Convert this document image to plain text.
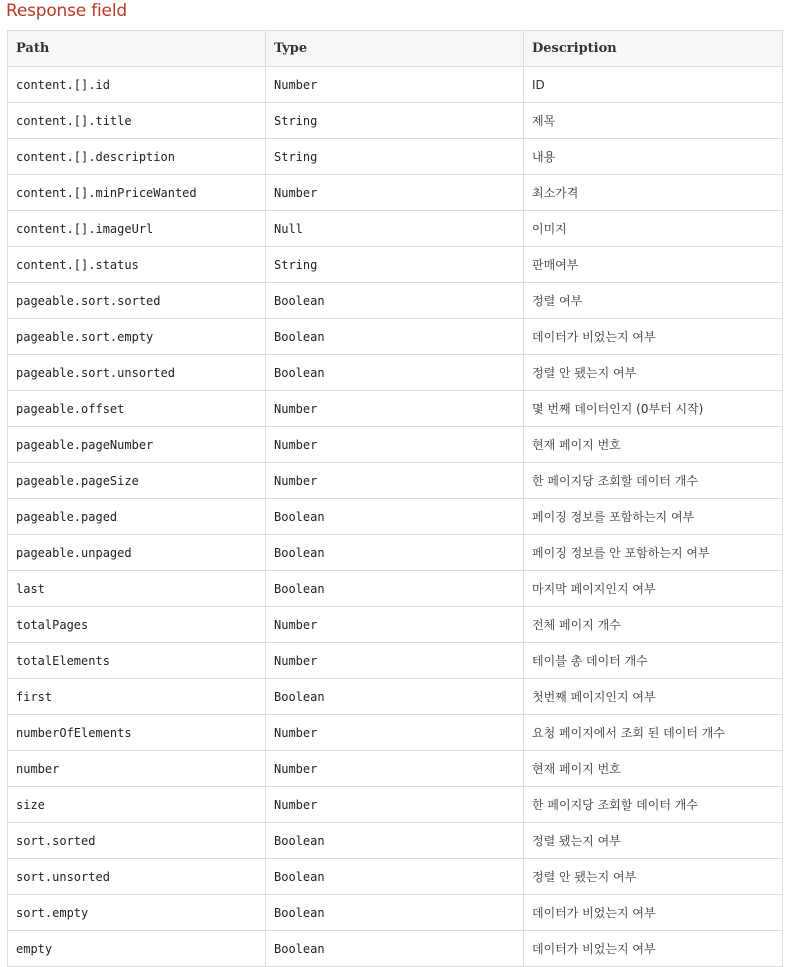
Response field
Path	Type	Description
content.[].id	Number	ID
content.[].title	String	제목
content.[].description	String	내용
content.[].minPriceWanted	Number	최소가격
content.[].imageUrl	Null	이미지
content.[].status	String	판매여부
pageable.sort.sorted	Boolean	정렬 여부
pageable.sort.empty	Boolean	데이터가 비었는지 여부
pageable.sort.unsorted	Boolean	정렬 안 됐는지 여부
pageable.offset	Number	몇 번째 데이터인지 (0부터 시작)
pageable.pageNumber	Number	현재 페이지 번호
pageable.pageSize	Number	한 페이지당 조회할 데이터 개수
pageable.paged	Boolean	페이징 정보를 포함하는지 여부
pageable.unpaged	Boolean	페이징 정보를 안 포함하는지 여부
last	Boolean	마지막 페이지인지 여부
totalPages	Number	전체 페이지 개수
totalElements	Number	테이블 총 데이터 개수
first	Boolean	첫번째 페이지인지 여부
numberOfElements	Number	요청 페이지에서 조회 된 데이터 개수
number	Number	현재 페이지 번호
size	Number	한 페이지당 조회할 데이터 개수
sort.sorted	Boolean	정렬 됐는지 여부
sort.unsorted	Boolean	정렬 안 됐는지 여부
sort.empty	Boolean	데이터가 비었는지 여부
empty	Boolean	데이터가 비었는지 여부
